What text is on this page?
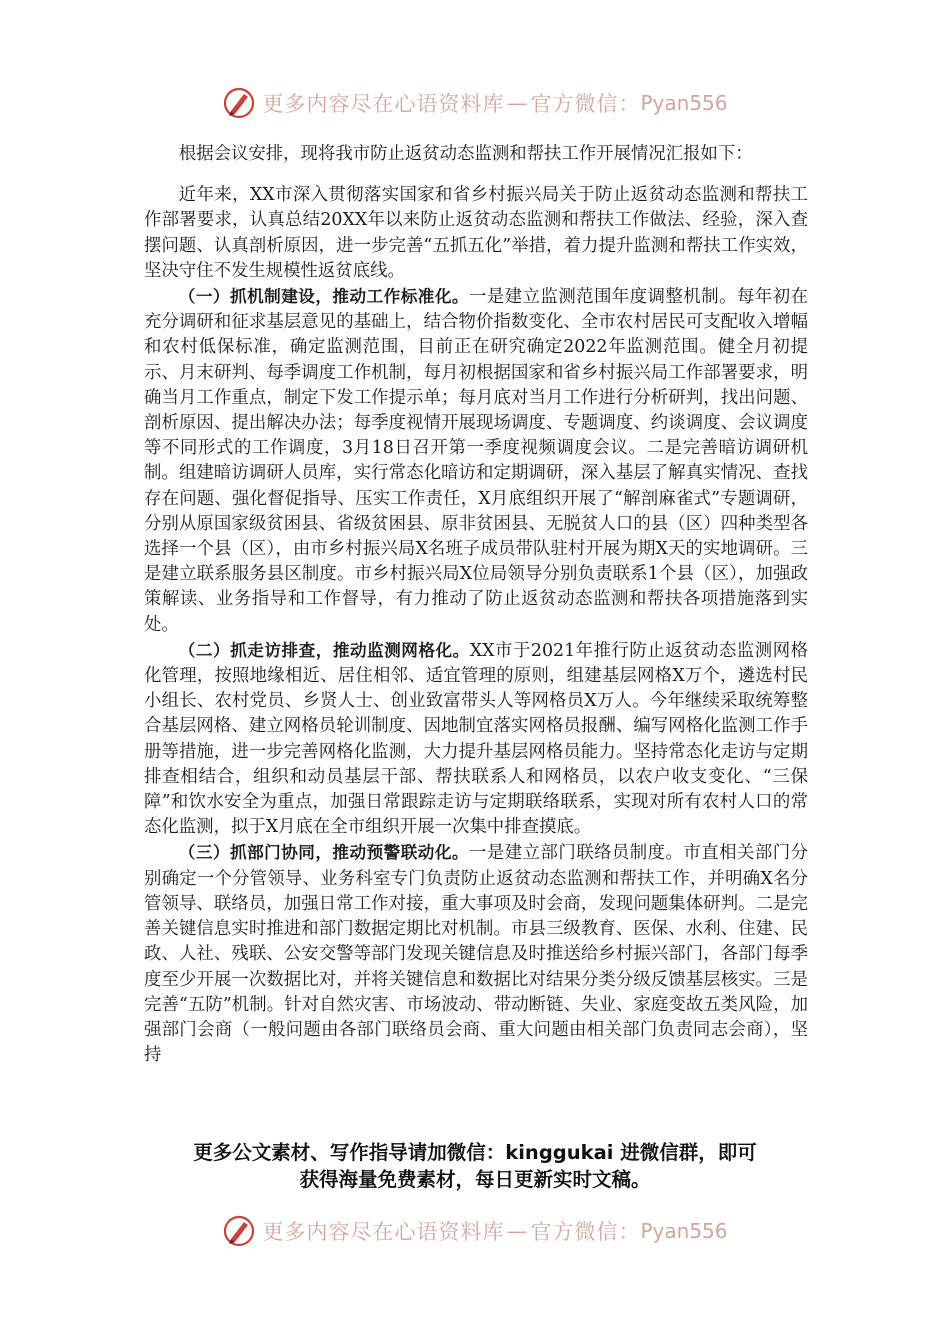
更多内容尽在心语资料库 — 官方微信： Pyan556

根据会议安排，现将我市防止返贫动态监测和帮扶工作开展情况汇报如下：

近年来，XX市深入贯彻落实国家和省乡村振兴局关于防止返贫动态监测和帮扶工作部署要求，认真总结20XX年以来防止返贫动态监测和帮扶工作做法、经验，深入查摆问题、认真剖析原因，进一步完善“五抓五化”举措，着力提升监测和帮扶工作实效，坚决守住不发生规模性返贫底线。

（一）抓机制建设，推动工作标准化。一是建立监测范围年度调整机制。每年初在充分调研和征求基层意见的基础上，结合物价指数变化、全市农村居民可支配收入增幅和农村低保标准，确定监测范围，目前正在研究确定2022年监测范围。健全月初提示、月末研判、每季调度工作机制，每月初根据国家和省乡村振兴局工作部署要求，明确当月工作重点，制定下发工作提示单；每月底对当月工作进行分析研判，找出问题、剖析原因、提出解决办法；每季度视情开展现场调度、专题调度、约谈调度、会议调度等不同形式的工作调度，3月18日召开第一季度视频调度会议。二是完善暗访调研机制。组建暗访调研人员库，实行常态化暗访和定期调研，深入基层了解真实情况、查找存在问题、强化督促指导、压实工作责任，X月底组织开展了“解剖麻雀式”专题调研，分别从原国家级贫困县、省级贫困县、原非贫困县、无脱贫人口的县（区）四种类型各选择一个县（区），由市乡村振兴局X名班子成员带队驻村开展为期X天的实地调研。三是建立联系服务县区制度。市乡村振兴局X位局领导分别负责联系1个县（区），加强政策解读、业务指导和工作督导，有力推动了防止返贫动态监测和帮扶各项措施落到实处。

（二）抓走访排查，推动监测网格化。XX市于2021年推行防止返贫动态监测网格化管理，按照地缘相近、居住相邻、适宜管理的原则，组建基层网格X万个，遴选村民小组长、农村党员、乡贤人士、创业致富带头人等网格员X万人。今年继续采取统筹整合基层网格、建立网格员轮训制度、因地制宜落实网格员报酬、编写网格化监测工作手册等措施，进一步完善网格化监测，大力提升基层网格员能力。坚持常态化走访与定期排查相结合，组织和动员基层干部、帮扶联系人和网格员，以农户收支变化、“三保障”和饮水安全为重点，加强日常跟踪走访与定期联络联系，实现对所有农村人口的常态化监测，拟于X月底在全市组织开展一次集中排查摸底。

（三）抓部门协同，推动预警联动化。一是建立部门联络员制度。市直相关部门分别确定一个分管领导、业务科室专门负责防止返贫动态监测和帮扶工作，并明确X名分管领导、联络员，加强日常工作对接，重大事项及时会商，发现问题集体研判。二是完善关键信息实时推进和部门数据定期比对机制。市县三级教育、医保、水利、住建、民政、人社、残联、公安交警等部门发现关键信息及时推送给乡村振兴部门，各部门每季度至少开展一次数据比对，并将关键信息和数据比对结果分类分级反馈基层核实。三是完善“五防”机制。针对自然灾害、市场波动、带动断链、失业、家庭变故五类风险，加强部门会商（一般问题由各部门联络员会商、重大问题由相关部门负责同志会商），坚持

更多公文素材、写作指导请加微信：kinggukai 进微信群，即可
获得海量免费素材，每日更新实时文稿。
更多内容尽在心语资料库 — 官方微信： Pyan556
